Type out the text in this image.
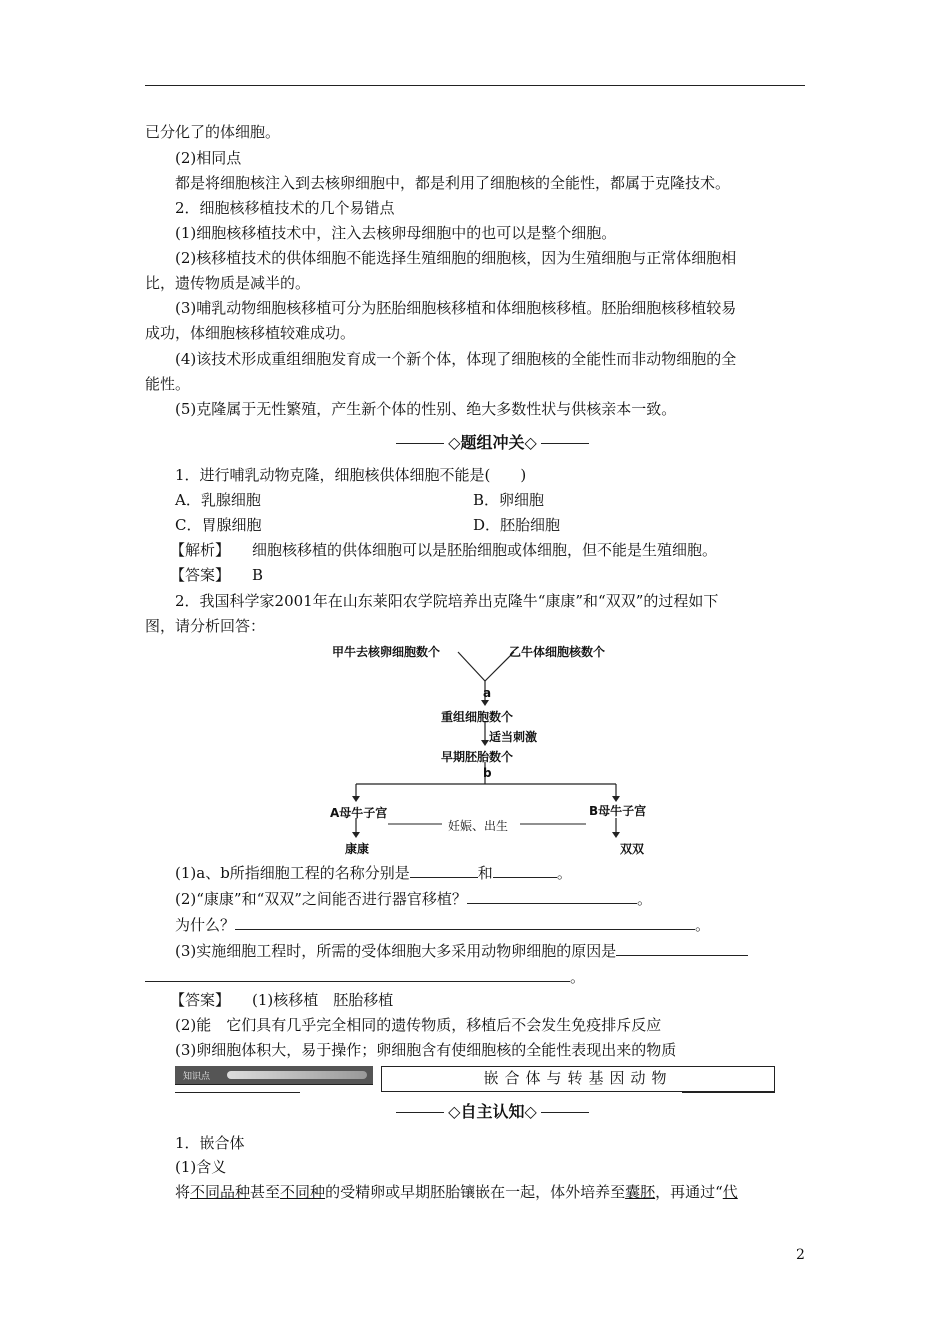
已分化了的体细胞。
(2)相同点
都是将细胞核注入到去核卵细胞中，都是利用了细胞核的全能性，都属于克隆技术。
2．细胞核移植技术的几个易错点
(1)细胞核移植技术中，注入去核卵母细胞中的也可以是整个细胞。
(2)核移植技术的供体细胞不能选择生殖细胞的细胞核，因为生殖细胞与正常体细胞相
比，遗传物质是减半的。
(3)哺乳动物细胞核移植可分为胚胎细胞核移植和体细胞核移植。胚胎细胞核移植较易
成功，体细胞核移植较难成功。
(4)该技术形成重组细胞发育成一个新个体，体现了细胞核的全能性而非动物细胞的全
能性。
(5)克隆属于无性繁殖，产生新个体的性别、绝大多数性状与供核亲本一致。
◇题组冲关◇
1．进行哺乳动物克隆，细胞核供体细胞不能是(　　)
A．乳腺细胞	B．卵细胞
C．胃腺细胞	D．胚胎细胞
【解析】 细胞核移植的供体细胞可以是胚胎细胞或体细胞，但不能是生殖细胞。
【答案】 B
2．我国科学家2001年在山东莱阳农学院培养出克隆牛“康康”和“双双”的过程如下
图，请分析回答：
甲牛去核卵细胞数个	乙牛体细胞核数个
a
重组细胞数个
适当刺激
早期胚胎数个
b
A母牛子宫	B母牛子宫
妊娠、出生
康康	双双
(1)a、b所指细胞工程的名称分别是	和	。
(2)“康康”和“双双”之间能否进行器官移植？	。
为什么？	。
(3)实施细胞工程时，所需的受体细胞大多采用动物卵细胞的原因是
。
【答案】 (1)核移植　胚胎移植
(2)能　它们具有几乎完全相同的遗传物质，移植后不会发生免疫排斥反应
(3)卵细胞体积大，易于操作；卵细胞含有使细胞核的全能性表现出来的物质
知识点	嵌合体与转基因动物
◇自主认知◇
1．嵌合体
(1)含义
将不同品种甚至不同种的受精卵或早期胚胎镶嵌在一起，体外培养至囊胚，再通过“代
2
